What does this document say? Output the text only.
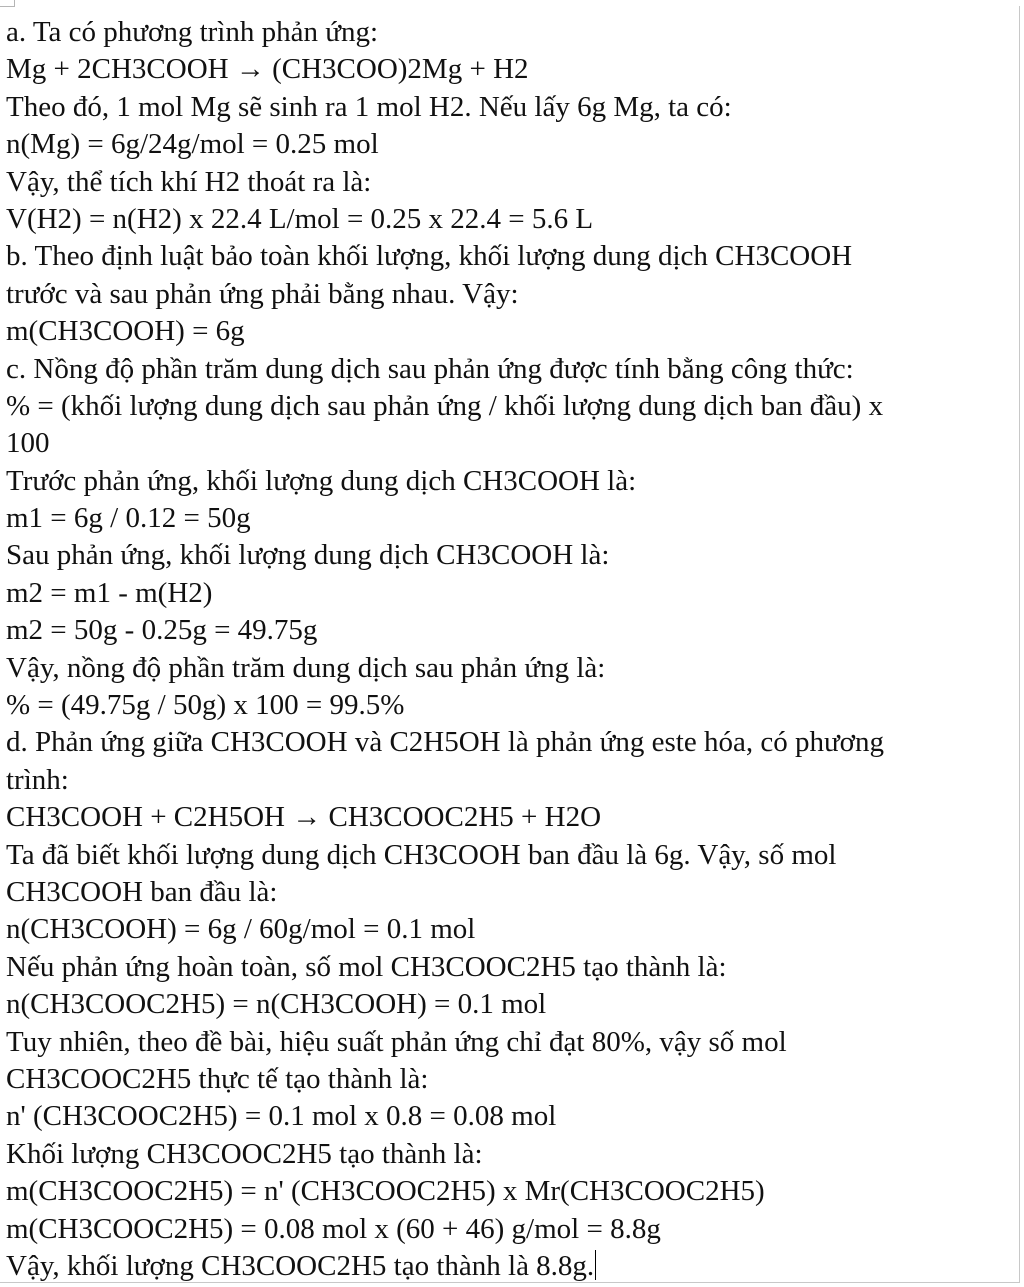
a. Ta có phương trình phản ứng:
Mg + 2CH3COOH → (CH3COO)2Mg + H2
Theo đó, 1 mol Mg sẽ sinh ra 1 mol H2. Nếu lấy 6g Mg, ta có:
n(Mg) = 6g/24g/mol = 0.25 mol
Vậy, thể tích khí H2 thoát ra là:
V(H2) = n(H2) x 22.4 L/mol = 0.25 x 22.4 = 5.6 L
b. Theo định luật bảo toàn khối lượng, khối lượng dung dịch CH3COOH
trước và sau phản ứng phải bằng nhau. Vậy:
m(CH3COOH) = 6g
c. Nồng độ phần trăm dung dịch sau phản ứng được tính bằng công thức:
% = (khối lượng dung dịch sau phản ứng / khối lượng dung dịch ban đầu) x
100
Trước phản ứng, khối lượng dung dịch CH3COOH là:
m1 = 6g / 0.12 = 50g
Sau phản ứng, khối lượng dung dịch CH3COOH là:
m2 = m1 - m(H2)
m2 = 50g - 0.25g = 49.75g
Vậy, nồng độ phần trăm dung dịch sau phản ứng là:
% = (49.75g / 50g) x 100 = 99.5%
d. Phản ứng giữa CH3COOH và C2H5OH là phản ứng este hóa, có phương
trình:
CH3COOH + C2H5OH → CH3COOC2H5 + H2O
Ta đã biết khối lượng dung dịch CH3COOH ban đầu là 6g. Vậy, số mol
CH3COOH ban đầu là:
n(CH3COOH) = 6g / 60g/mol = 0.1 mol
Nếu phản ứng hoàn toàn, số mol CH3COOC2H5 tạo thành là:
n(CH3COOC2H5) = n(CH3COOH) = 0.1 mol
Tuy nhiên, theo đề bài, hiệu suất phản ứng chỉ đạt 80%, vậy số mol
CH3COOC2H5 thực tế tạo thành là:
n' (CH3COOC2H5) = 0.1 mol x 0.8 = 0.08 mol
Khối lượng CH3COOC2H5 tạo thành là:
m(CH3COOC2H5) = n' (CH3COOC2H5) x Mr(CH3COOC2H5)
m(CH3COOC2H5) = 0.08 mol x (60 + 46) g/mol = 8.8g
Vậy, khối lượng CH3COOC2H5 tạo thành là 8.8g.
